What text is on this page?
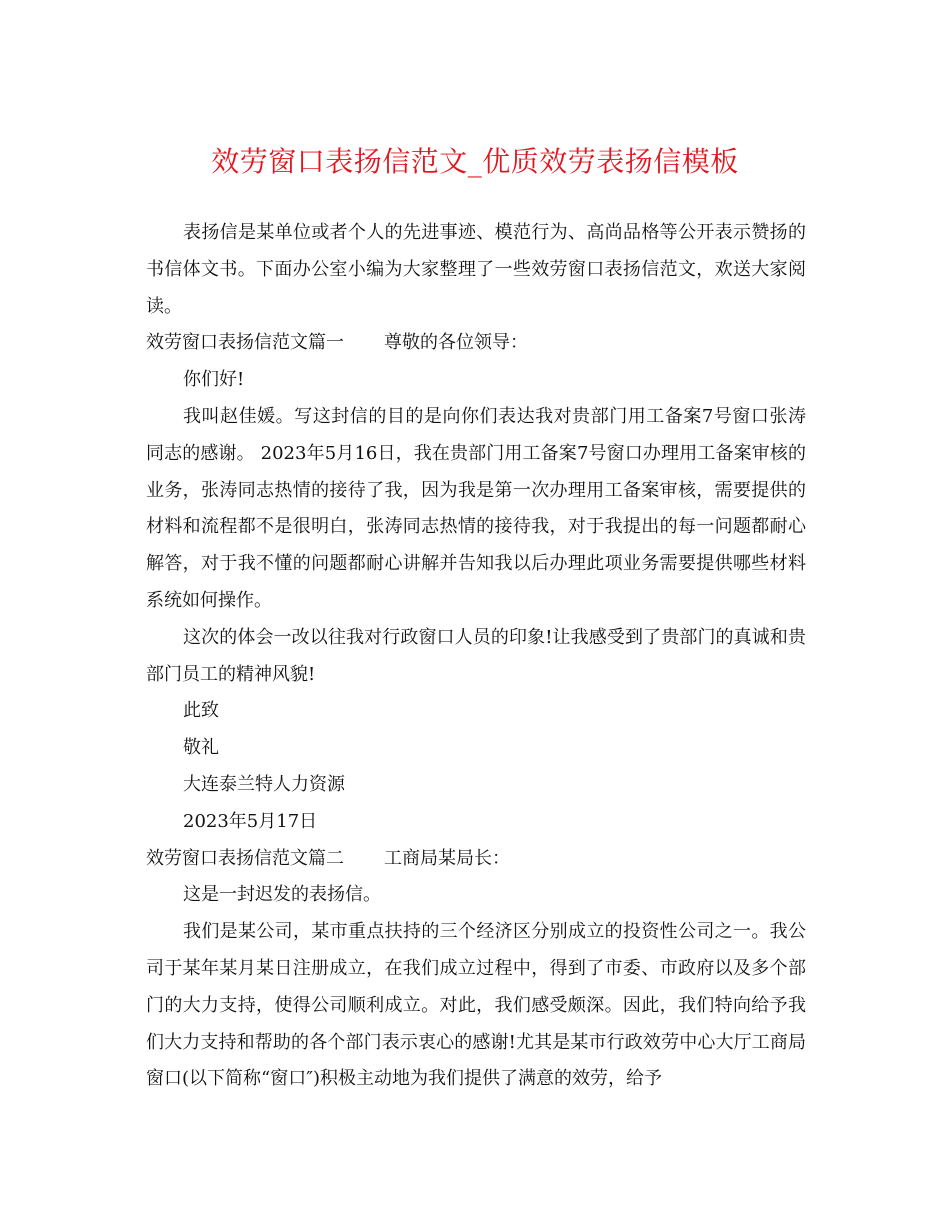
效劳窗口表扬信范文_优质效劳表扬信模板

表扬信是某单位或者个人的先进事迹、模范行为、高尚品格等公开表示赞扬的书信体文书。下面办公室小编为大家整理了一些效劳窗口表扬信范文，欢送大家阅读。

效劳窗口表扬信范文篇一 尊敬的各位领导：

你们好!

我叫赵佳媛。写这封信的目的是向你们表达我对贵部门用工备案7号窗口张涛同志的感谢。 2023年5月16日，我在贵部门用工备案7号窗口办理用工备案审核的业务，张涛同志热情的接待了我，因为我是第一次办理用工备案审核，需要提供的材料和流程都不是很明白，张涛同志热情的接待我，对于我提出的每一问题都耐心解答，对于我不懂的问题都耐心讲解并告知我以后办理此项业务需要提供哪些材料系统如何操作。

这次的体会一改以往我对行政窗口人员的印象!让我感受到了贵部门的真诚和贵部门员工的精神风貌!

此致

敬礼

大连泰兰特人力资源

2023年5月17日

效劳窗口表扬信范文篇二 工商局某局长：

这是一封迟发的表扬信。

我们是某公司，某市重点扶持的三个经济区分别成立的投资性公司之一。我公司于某年某月某日注册成立，在我们成立过程中，得到了市委、市政府以及多个部门的大力支持，使得公司顺利成立。对此，我们感受颇深。因此，我们特向给予我们大力支持和帮助的各个部门表示衷心的感谢!尤其是某市行政效劳中心大厅工商局窗口(以下简称“窗口″)积极主动地为我们提供了满意的效劳，给予
